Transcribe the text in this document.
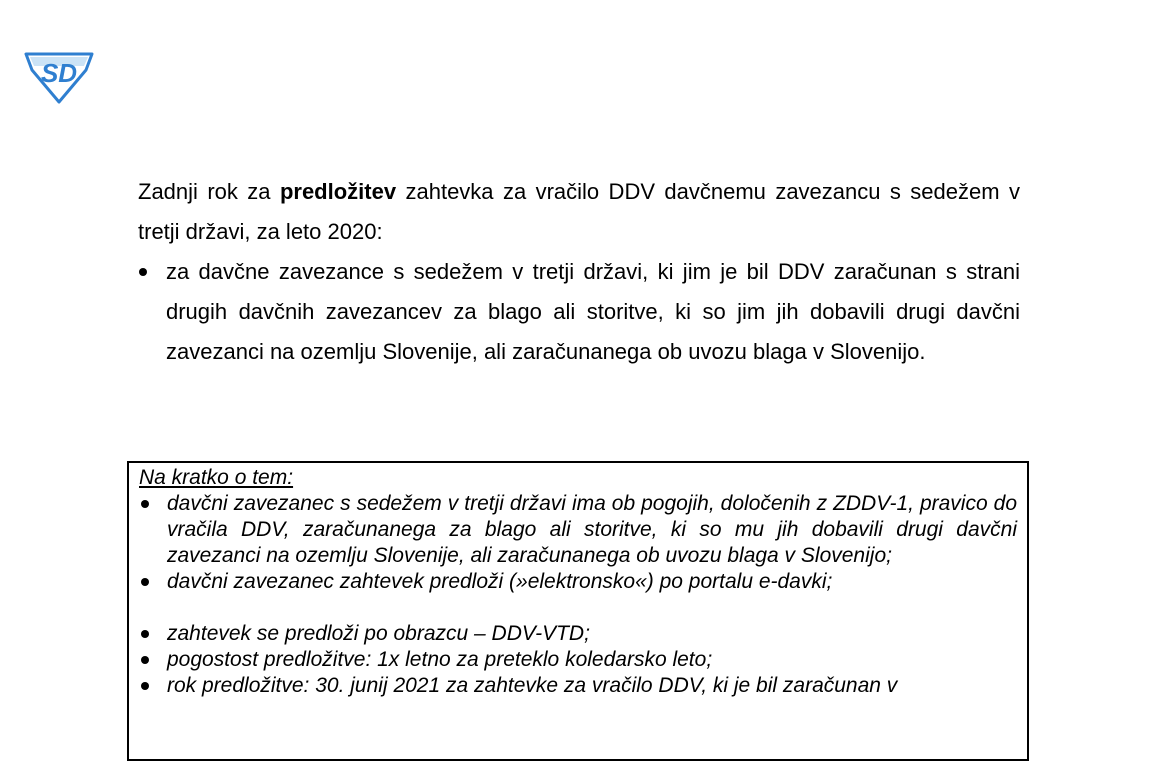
SD

Zadnji rok za predložitev zahtevka za vračilo DDV davčnemu zavezancu s sedežem v tretji državi, za leto 2020:

za davčne zavezance s sedežem v tretji državi, ki jim je bil DDV zaračunan s strani drugih davčnih zavezancev za blago ali storitve, ki so jim jih dobavili drugi davčni zavezanci na ozemlju Slovenije, ali zaračunanega ob uvozu blaga v Slovenijo.

Na kratko o tem:

davčni zavezanec s sedežem v tretji državi ima ob pogojih, določenih z ZDDV-1, pravico do vračila DDV, zaračunanega za blago ali storitve, ki so mu jih dobavili drugi davčni zavezanci na ozemlju Slovenije, ali zaračunanega ob uvozu blaga v Slovenijo;
davčni zavezanec zahtevek predloži (»elektronsko«) po portalu e-davki;
zahtevek se predloži po obrazcu – DDV-VTD;
pogostost predložitve: 1x letno za preteklo koledarsko leto;
rok predložitve: 30. junij 2021 za zahtevke za vračilo DDV, ki je bil zaračunan v
